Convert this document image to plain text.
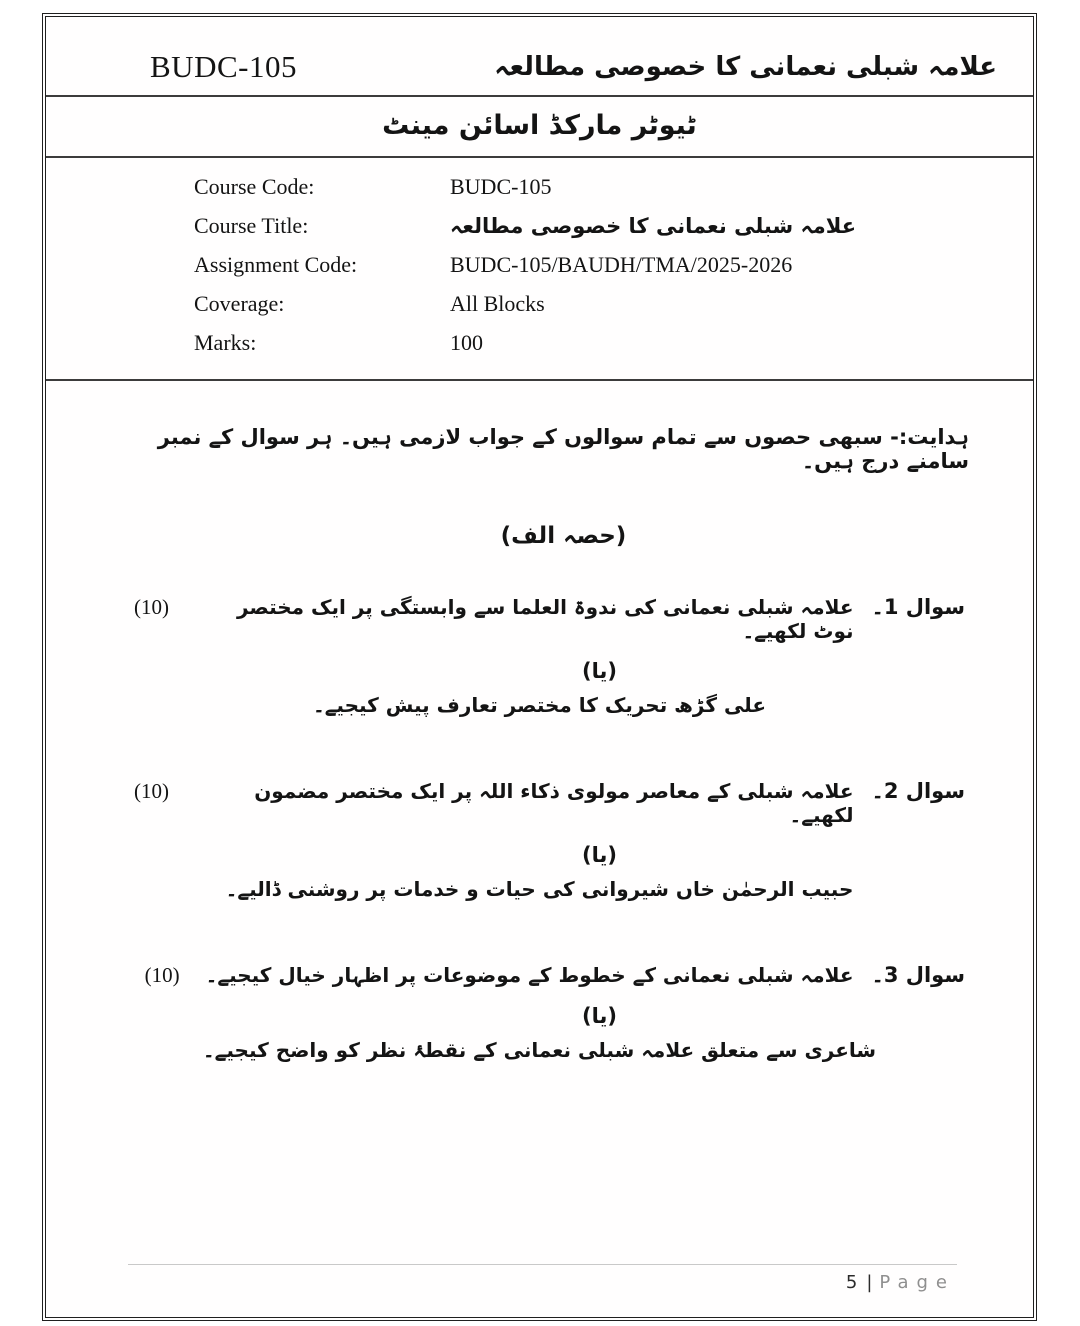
BUDC-105	علامہ شبلی نعمانی کا خصوصی مطالعہ
ٹیوٹر مارکڈ اسائن مینٹ
Course Code:	BUDC-105
Course Title:	علامہ شبلی نعمانی کا خصوصی مطالعہ
Assignment Code:	BUDC-105/BAUDH/TMA/2025-2026
Coverage:	All Blocks
Marks:	100
ہدایت:- سبھی حصوں سے تمام سوالوں کے جواب لازمی ہیں۔ ہر سوال کے نمبر سامنے درج ہیں۔
(حصہ الف)
سوال 1۔
علامہ شبلی نعمانی کی ندوۃ العلما سے وابستگی پر ایک مختصر نوٹ لکھیے۔
(10)
(یا)
علی گڑھ تحریک کا مختصر تعارف پیش کیجیے۔
سوال 2۔
علامہ شبلی کے معاصر مولوی ذکاء اللہ پر ایک مختصر مضمون لکھیے۔
(10)
(یا)
حبیب الرحمٰن خاں شیروانی کی حیات و خدمات پر روشنی ڈالیے۔
سوال 3۔
علامہ شبلی نعمانی کے خطوط کے موضوعات پر اظہار خیال کیجیے۔
(10)
(یا)
شاعری سے متعلق علامہ شبلی نعمانی کے نقطۂ نظر کو واضح کیجیے۔
5 | Page
